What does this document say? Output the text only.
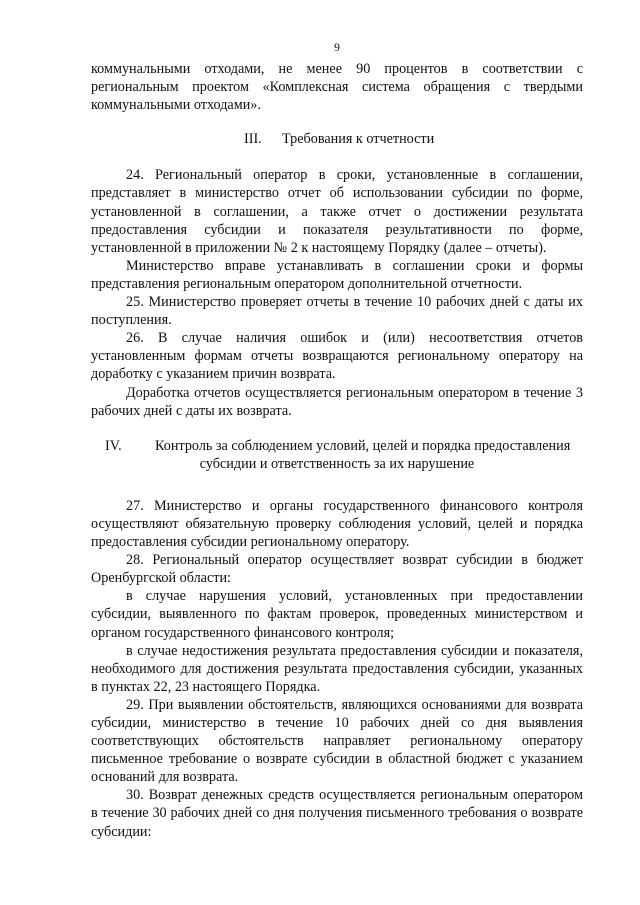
9

коммунальными отходами, не менее 90 процентов в соответствии с региональным проектом «Комплексная система обращения с твердыми коммунальными отходами».

III.	Требования к отчетности

24. Региональный оператор в сроки, установленные в соглашении, представляет в министерство отчет об использовании субсидии по форме, установленной в соглашении, а также отчет о достижении результата предоставления субсидии и показателя результативности по форме, установленной в приложении № 2 к настоящему Порядку (далее – отчеты).

Министерство вправе устанавливать в соглашении сроки и формы представления региональным оператором дополнительной отчетности.

25. Министерство проверяет отчеты в течение 10 рабочих дней с даты их поступления.

26. В случае наличия ошибок и (или) несоответствия отчетов установленным формам отчеты возвращаются региональному оператору на доработку с указанием причин возврата.

Доработка отчетов осуществляется региональным оператором в течение 3 рабочих дней с даты их возврата.

IV.	Контроль за соблюдением условий, целей и порядка предоставления
субсидии и ответственность за их нарушение

27. Министерство и органы государственного финансового контроля осуществляют обязательную проверку соблюдения условий, целей и порядка предоставления субсидии региональному оператору.

28. Региональный оператор осуществляет возврат субсидии в бюджет Оренбургской области:

в случае нарушения условий, установленных при предоставлении субсидии, выявленного по фактам проверок, проведенных министерством и органом государственного финансового контроля;

в случае недостижения результата предоставления субсидии и показателя, необходимого для достижения результата предоставления субсидии, указанных в пунктах 22, 23 настоящего Порядка.

29. При выявлении обстоятельств, являющихся основаниями для возврата субсидии, министерство в течение 10 рабочих дней со дня выявления соответствующих обстоятельств направляет региональному оператору письменное требование о возврате субсидии в областной бюджет с указанием оснований для возврата.

30. Возврат денежных средств осуществляется региональным оператором в течение 30 рабочих дней со дня получения письменного требования о возврате субсидии:
